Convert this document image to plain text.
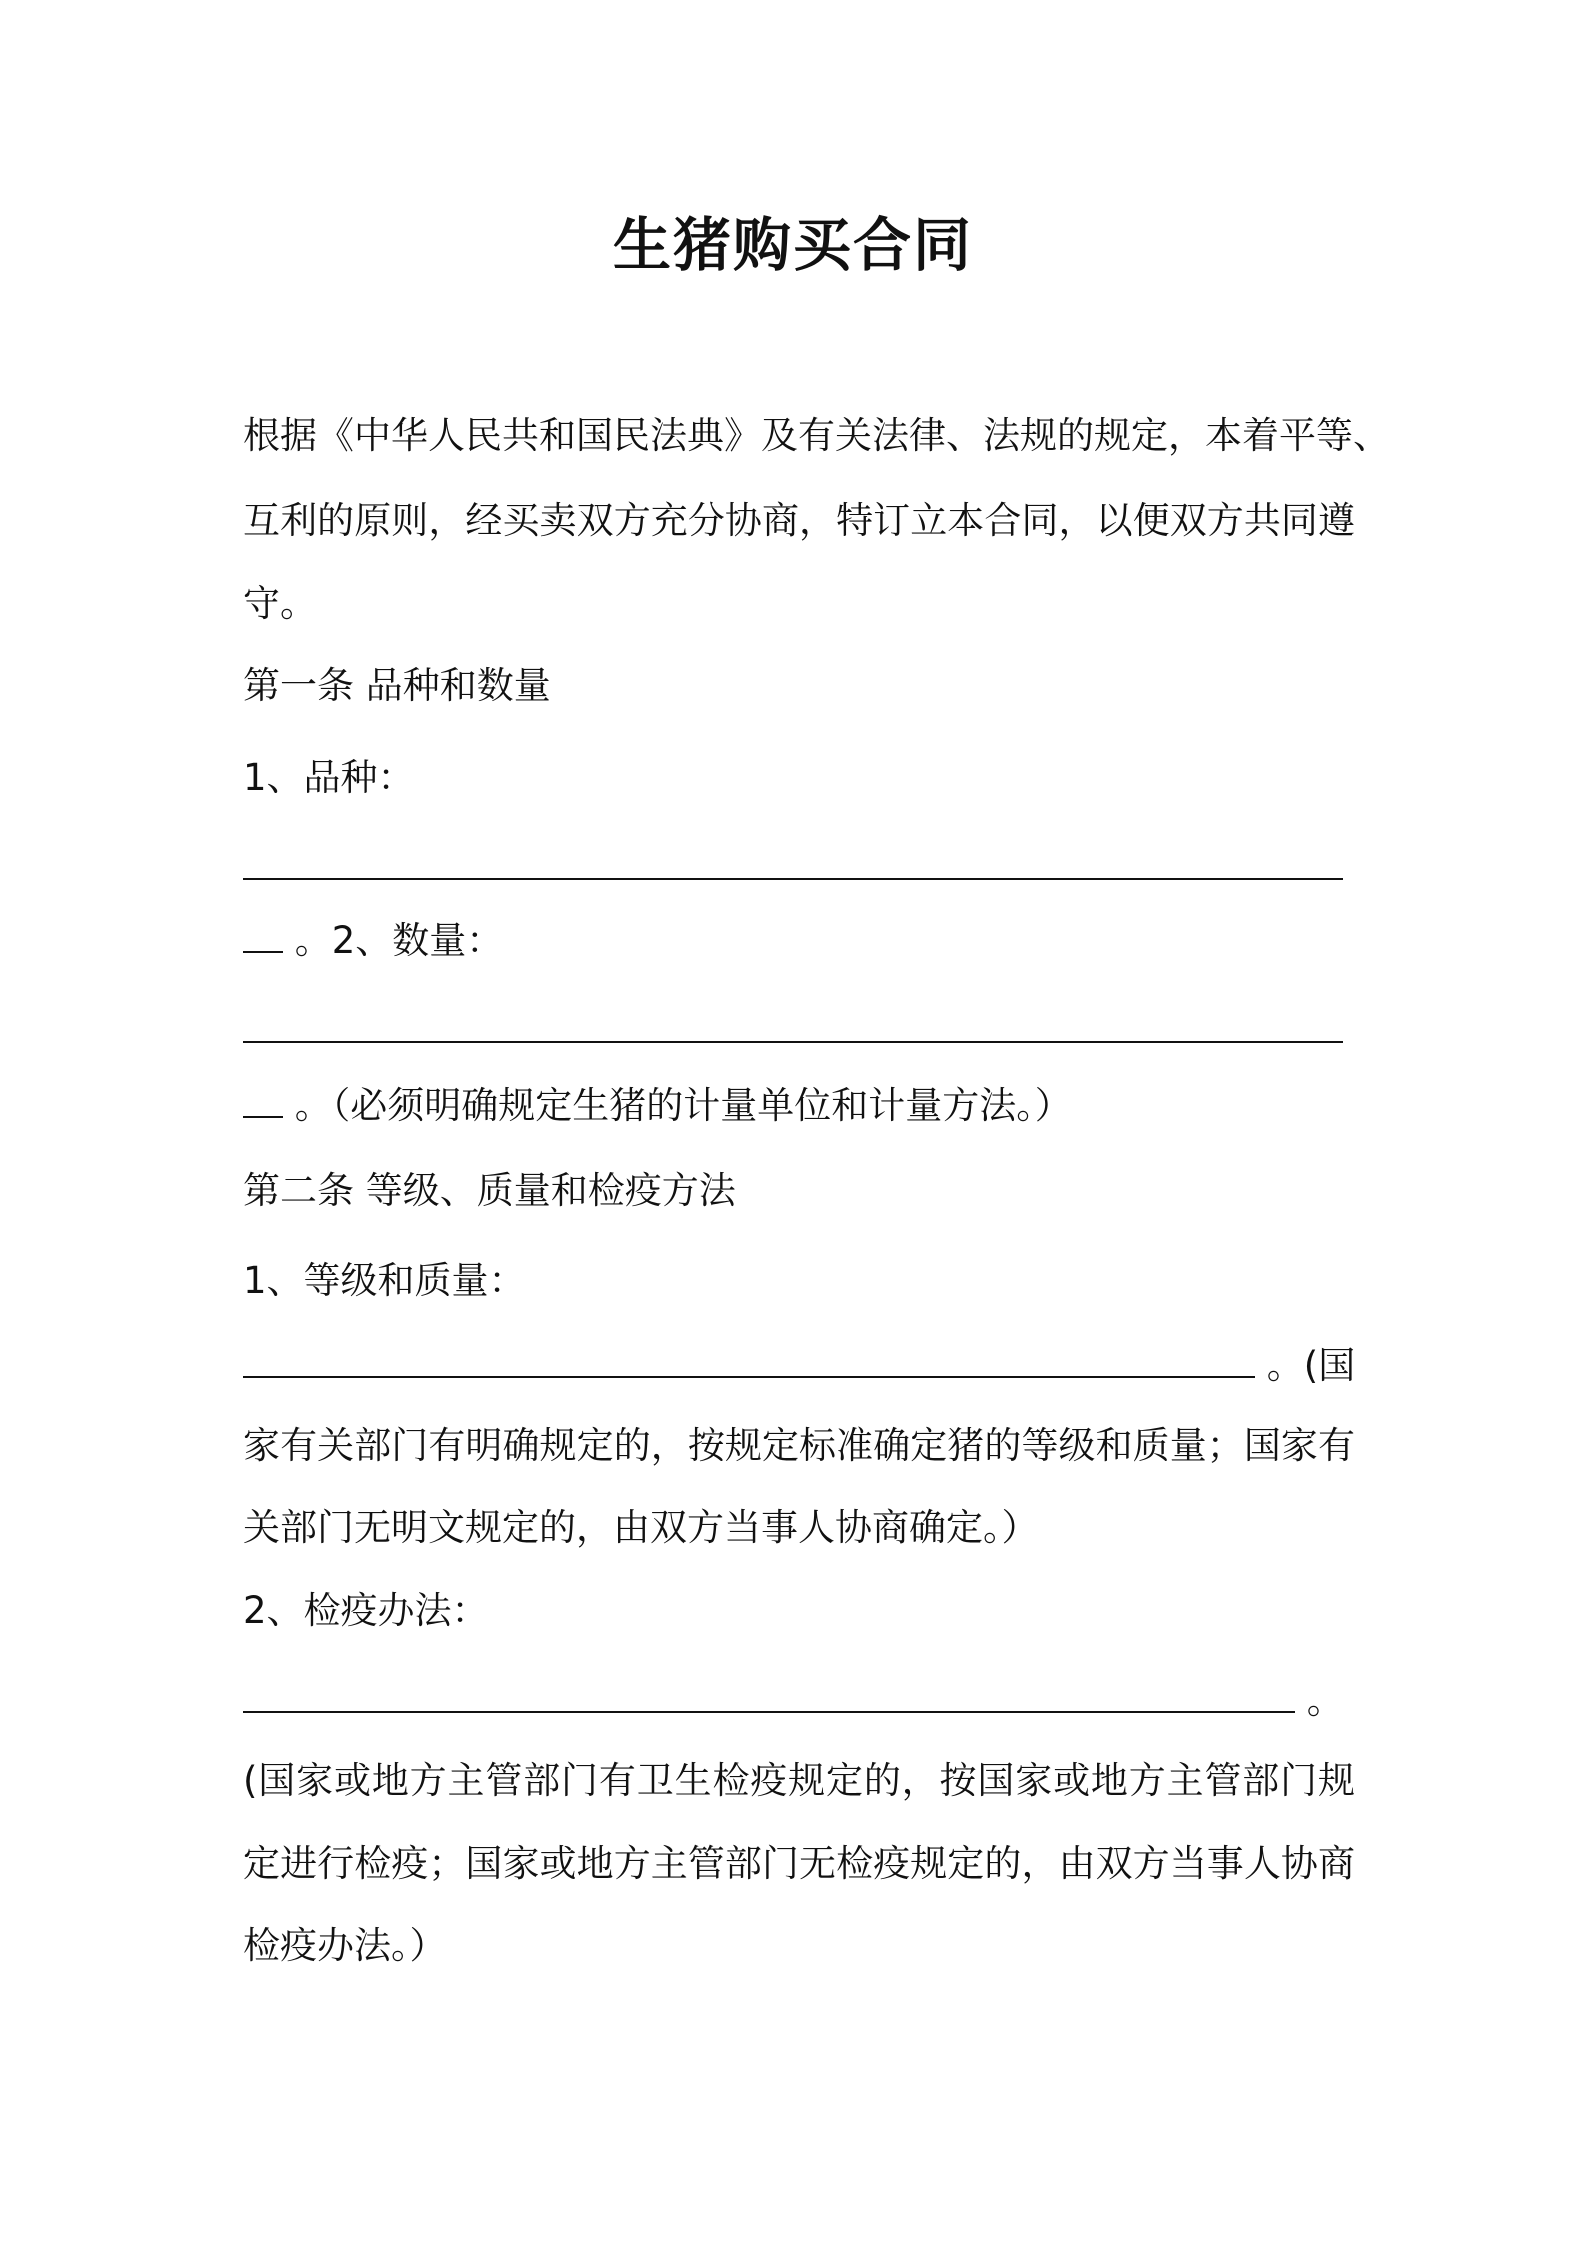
生猪购买合同

根据《中华人民共和国民法典》及有关法律、法规的规定，本着平等、

互利的原则，经买卖双方充分协商，特订立本合同，以便双方共同遵

守。

第一条 品种和数量

1、品种：

。2、数量：

。（必须明确规定生猪的计量单位和计量方法。）

第二条 等级、质量和检疫方法

1、等级和质量：

。(国

家有关部门有明确规定的，按规定标准确定猪的等级和质量；国家有

关部门无明文规定的，由双方当事人协商确定。）

2、检疫办法：

。

(国家或地方主管部门有卫生检疫规定的，按国家或地方主管部门规

定进行检疫；国家或地方主管部门无检疫规定的，由双方当事人协商

检疫办法。）
